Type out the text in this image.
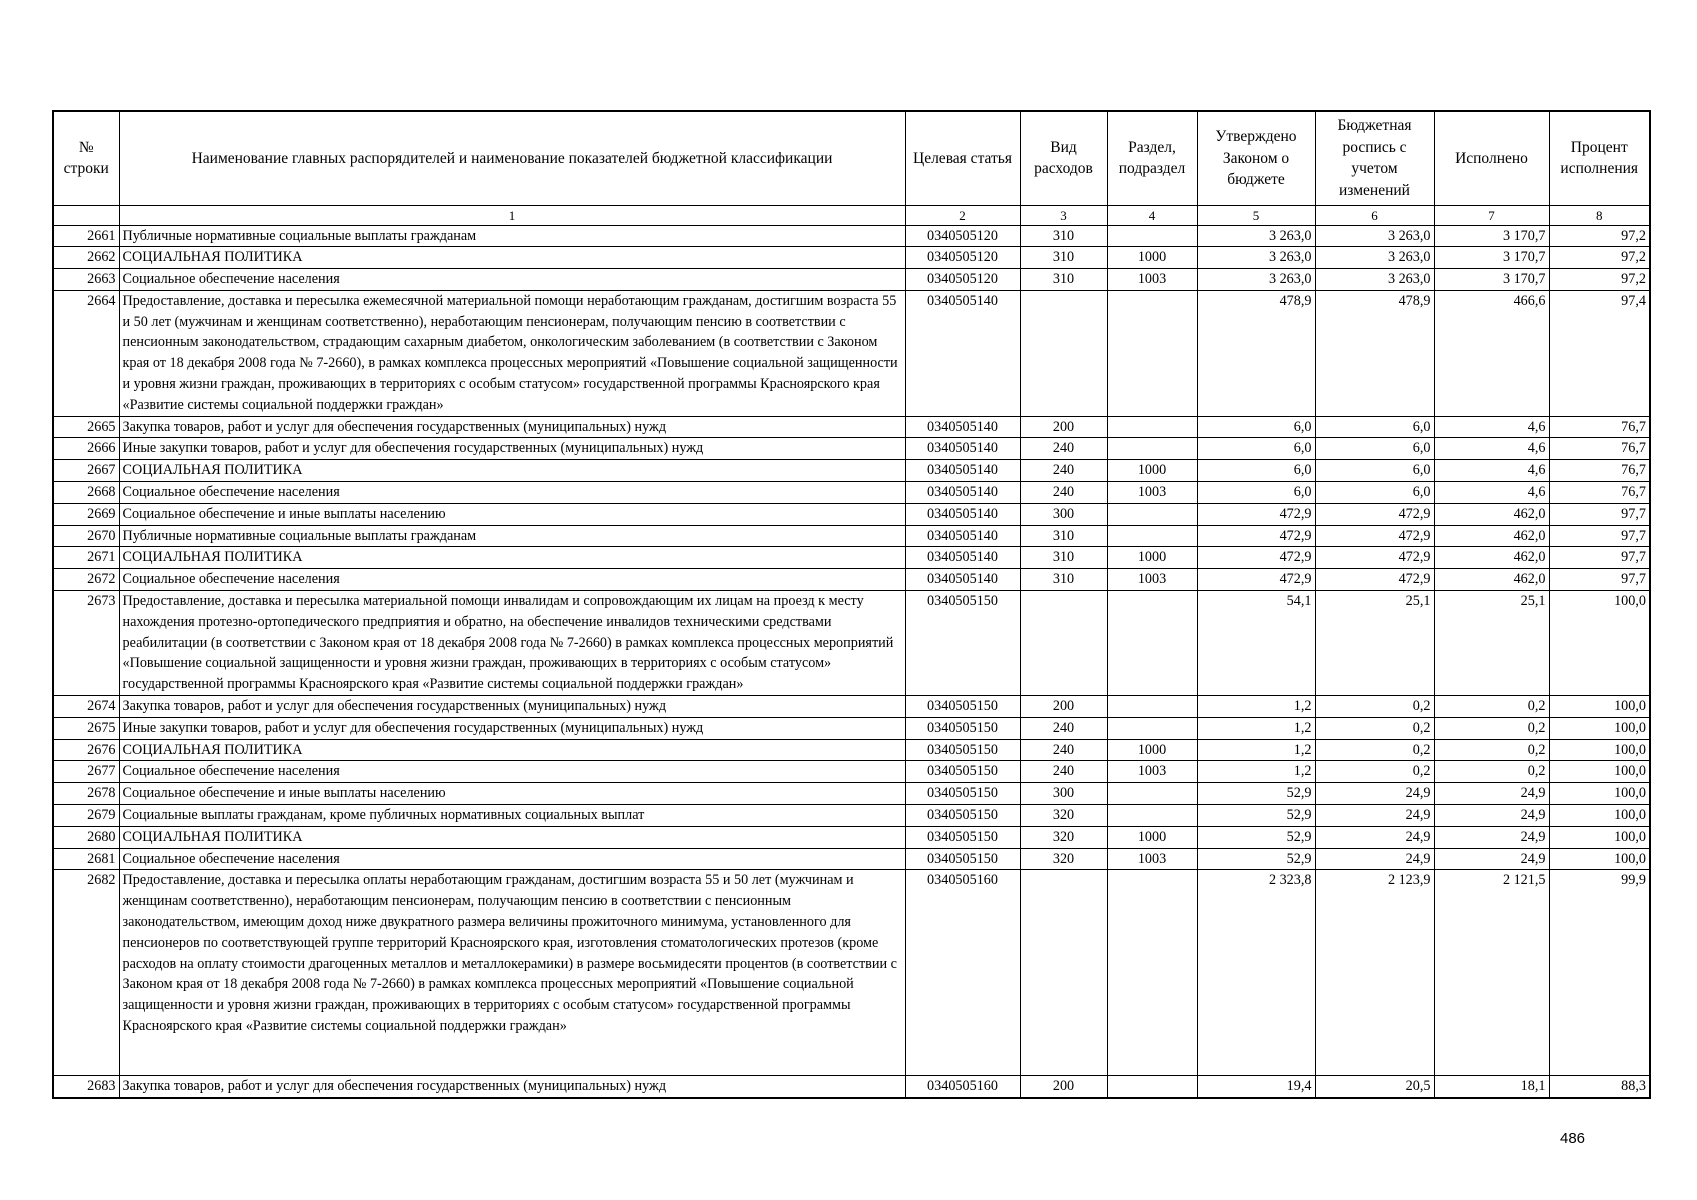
№ строки	Наименование главных распорядителей и наименование показателей бюджетной классификации	Целевая статья	Вид расходов	Раздел, подраздел	Утверждено Законом о бюджете	Бюджетная роспись с учетом изменений	Исполнено	Процент исполнения
	1	2	3	4	5	6	7	8
2661	Публичные нормативные социальные выплаты гражданам	0340505120	310		3 263,0	3 263,0	3 170,7	97,2
2662	СОЦИАЛЬНАЯ ПОЛИТИКА	0340505120	310	1000	3 263,0	3 263,0	3 170,7	97,2
2663	Социальное обеспечение населения	0340505120	310	1003	3 263,0	3 263,0	3 170,7	97,2
2664	Предоставление, доставка и пересылка ежемесячной материальной помощи неработающим гражданам, достигшим возраста 55 и 50 лет (мужчинам и женщинам соответственно), неработающим пенсионерам, получающим пенсию в соответствии с пенсионным законодательством, страдающим сахарным диабетом, онкологическим заболеванием (в соответствии с Законом края от 18 декабря 2008 года № 7-2660), в рамках комплекса процессных мероприятий «Повышение социальной защищенности и уровня жизни граждан, проживающих в территориях с особым статусом» государственной программы Красноярского края «Развитие системы социальной поддержки граждан»	0340505140			478,9	478,9	466,6	97,4
2665	Закупка товаров, работ и услуг для обеспечения государственных (муниципальных) нужд	0340505140	200		6,0	6,0	4,6	76,7
2666	Иные закупки товаров, работ и услуг для обеспечения государственных (муниципальных) нужд	0340505140	240		6,0	6,0	4,6	76,7
2667	СОЦИАЛЬНАЯ ПОЛИТИКА	0340505140	240	1000	6,0	6,0	4,6	76,7
2668	Социальное обеспечение населения	0340505140	240	1003	6,0	6,0	4,6	76,7
2669	Социальное обеспечение и иные выплаты населению	0340505140	300		472,9	472,9	462,0	97,7
2670	Публичные нормативные социальные выплаты гражданам	0340505140	310		472,9	472,9	462,0	97,7
2671	СОЦИАЛЬНАЯ ПОЛИТИКА	0340505140	310	1000	472,9	472,9	462,0	97,7
2672	Социальное обеспечение населения	0340505140	310	1003	472,9	472,9	462,0	97,7
2673	Предоставление, доставка и пересылка материальной помощи инвалидам и сопровождающим их лицам на проезд к месту нахождения протезно-ортопедического предприятия и обратно, на обеспечение инвалидов техническими средствами реабилитации (в соответствии с Законом края от 18 декабря 2008 года № 7-2660) в рамках комплекса процессных мероприятий «Повышение социальной защищенности и уровня жизни граждан, проживающих в территориях с особым статусом» государственной программы Красноярского края «Развитие системы социальной поддержки граждан»	0340505150			54,1	25,1	25,1	100,0
2674	Закупка товаров, работ и услуг для обеспечения государственных (муниципальных) нужд	0340505150	200		1,2	0,2	0,2	100,0
2675	Иные закупки товаров, работ и услуг для обеспечения государственных (муниципальных) нужд	0340505150	240		1,2	0,2	0,2	100,0
2676	СОЦИАЛЬНАЯ ПОЛИТИКА	0340505150	240	1000	1,2	0,2	0,2	100,0
2677	Социальное обеспечение населения	0340505150	240	1003	1,2	0,2	0,2	100,0
2678	Социальное обеспечение и иные выплаты населению	0340505150	300		52,9	24,9	24,9	100,0
2679	Социальные выплаты гражданам, кроме публичных нормативных социальных выплат	0340505150	320		52,9	24,9	24,9	100,0
2680	СОЦИАЛЬНАЯ ПОЛИТИКА	0340505150	320	1000	52,9	24,9	24,9	100,0
2681	Социальное обеспечение населения	0340505150	320	1003	52,9	24,9	24,9	100,0
2682	Предоставление, доставка и пересылка оплаты неработающим гражданам, достигшим возраста 55 и 50 лет (мужчинам и женщинам соответственно), неработающим пенсионерам, получающим пенсию в соответствии с пенсионным законодательством, имеющим доход ниже двукратного размера величины прожиточного минимума, установленного для пенсионеров по соответствующей группе территорий Красноярского края, изготовления стоматологических протезов (кроме расходов на оплату стоимости драгоценных металлов и металлокерамики) в размере восьмидесяти процентов (в соответствии с Законом края от 18 декабря 2008 года № 7-2660) в рамках комплекса процессных мероприятий «Повышение социальной защищенности и уровня жизни граждан, проживающих в территориях с особым статусом» государственной программы Красноярского края «Развитие системы социальной поддержки граждан»	0340505160			2 323,8	2 123,9	2 121,5	99,9
2683	Закупка товаров, работ и услуг для обеспечения государственных (муниципальных) нужд	0340505160	200		19,4	20,5	18,1	88,3
486
